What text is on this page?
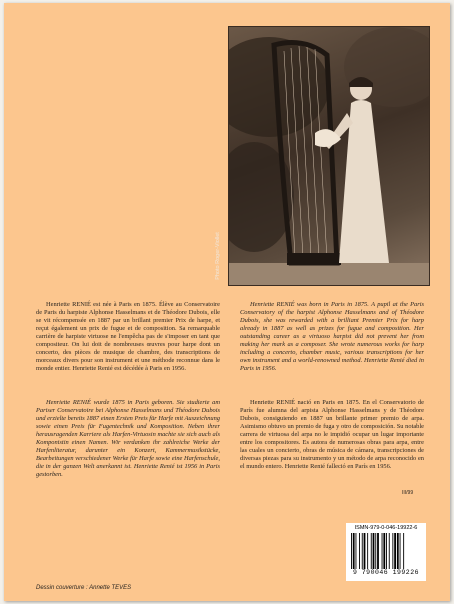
Photo Roger-Viollet

Henriette RENIÉ est née à Paris en 1875. Élève au Conservatoire de Paris du harpiste Alphonse Hasselmans et de Théodore Dubois, elle se vit récompensée en 1887 par un brillant premier Prix de harpe, et reçut également un prix de fugue et de composition. Sa remarquable carrière de harpiste virtuose ne l'empêcha pas de s'imposer en tant que compositeur. On lui doit de nombreuses œuvres pour harpe dont un concerto, des pièces de musique de chambre, des transcriptions de morceaux divers pour son instrument et une méthode reconnue dans le monde entier. Henriette Renié est décédée à Paris en 1956.

Henriette RENIÉ wurde 1875 in Paris geboren. Sie studierte am Pariser Conservatoire bei Alphonse Hasselmans und Théodore Dubois und erzielte bereits 1887 einen Ersten Preis für Harfe mit Auszeichnung sowie einen Preis für Fugentechnik und Komposition. Neben ihrer herausragenden Karriere als Harfen-Virtuosin machte sie sich auch als Komponistin einen Namen. Wir verdanken ihr zahlreiche Werke der Harfenliteratur, darunter ein Konzert, Kammermusikstücke, Bearbeitungen verschiedener Werke für Harfe sowie eine Harfenschule, die in der ganzen Welt anerkannt ist. Henriette Renié ist 1956 in Paris gestorben.

Henriette RENIÉ was born in Paris in 1875. A pupil at the Paris Conservatory of the harpist Alphonse Hasselmans and of Théodore Dubois, she was rewarded with a brilliant Premier Prix for harp already in 1887 as well as prizes for fugue and composition. Her outstanding career as a virtuoso harpist did not prevent her from making her mark as a composer. She wrote numerous works for harp including a concerto, chamber music, various transcriptions for her own instrument and a world-renowned method. Henriette Renié died in Paris in 1956.

Henriette RENIÉ nació en Paris en 1875. En el Conservatorio de París fue alumna del arpista Alphonse Hasselmans y de Théodore Dubois, consiguiendo en 1887 un brillante primer premio de arpa. Asimismo obtuvo un premio de fuga y otro de composición. Su notable carrera de virtuosa del arpa no le impidió ocupar un lugar importante entre los compositores. Es autora de numerosas obras para arpa, entre las cuales un concierto, obras de música de cámara, transcripciones de diversas piezas para su instrumento y un método de arpa reconocido en el mundo entero. Henriette Renié falleció en París en 1956.

III/99
ISMN-979-0-046-19922-6
9 790046 199226
Dessin couverture : Annette TEVES
